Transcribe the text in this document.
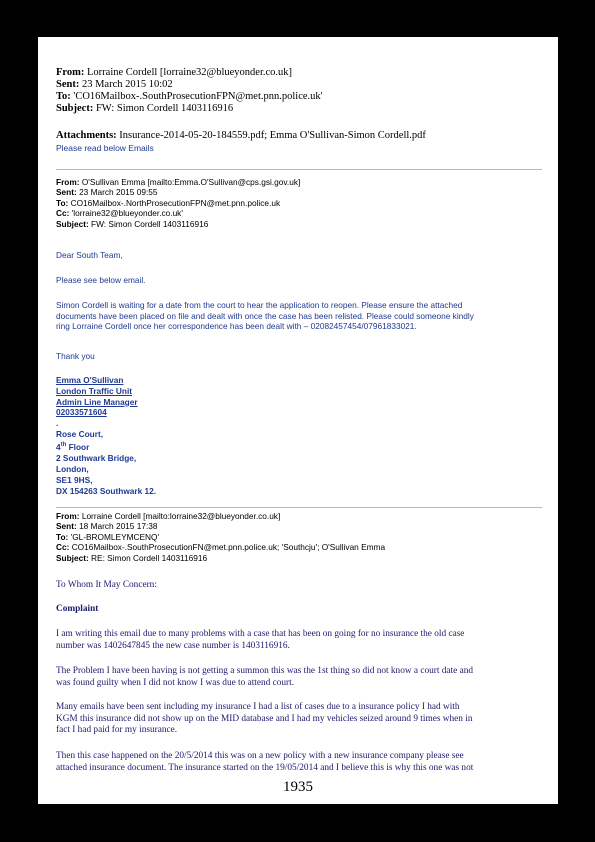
From: Lorraine Cordell [lorraine32@blueyonder.co.uk]
Sent: 23 March 2015 10:02
To: 'CO16Mailbox-.SouthProsecutionFPN@met.pnn.police.uk'
Subject: FW: Simon Cordell 1403116916
Attachments: Insurance-2014-05-20-184559.pdf; Emma O'Sullivan-Simon Cordell.pdf
Please read below Emails
From: O'Sullivan Emma [mailto:Emma.O'Sullivan@cps.gsi.gov.uk]
Sent: 23 March 2015 09:55
To: CO16Mailbox-.NorthProsecutionFPN@met.pnn.police.uk
Cc: 'lorraine32@blueyonder.co.uk'
Subject: FW: Simon Cordell 1403116916

Dear South Team,

Please see below email.

Simon Cordell is waiting for a date from the court to hear the application to reopen. Please ensure the attached
documents have been placed on file and dealt with once the case has been relisted. Please could someone kindly
ring Lorraine Cordell once her correspondence has been dealt with – 02082457454/07961833021.

Thank you

Emma O'Sullivan
London Traffic Unit
Admin Line Manager
02033571604
.
Rose Court,
4th Floor
2 Southwark Bridge,
London,
SE1 9HS,
DX 154263 Southwark 12.
From: Lorraine Cordell [mailto:lorraine32@blueyonder.co.uk]
Sent: 18 March 2015 17:38
To: 'GL-BROMLEYMCENQ'
Cc: CO16Mailbox-.SouthProsecutionFN@met.pnn.police.uk; 'Southcju'; O'Sullivan Emma
Subject: RE: Simon Cordell 1403116916

To Whom It May Concern:

Complaint

I am writing this email due to many problems with a case that has been on going for no insurance the old case
number was 1402647845 the new case number is 1403116916.
The Problem I have been having is not getting a summon this was the 1st thing so did not know a court date and
was found guilty when I did not know I was due to attend court.
Many emails have been sent including my insurance I had a list of cases due to a insurance policy I had with
KGM this insurance did not show up on the MID database and I had my vehicles seized around 9 times when in
fact I had paid for my insurance.
Then this case happened on the 20/5/2014 this was on a new policy with a new insurance company please see
attached insurance document. The insurance started on the 19/05/2014 and I believe this is why this one was not
1935
